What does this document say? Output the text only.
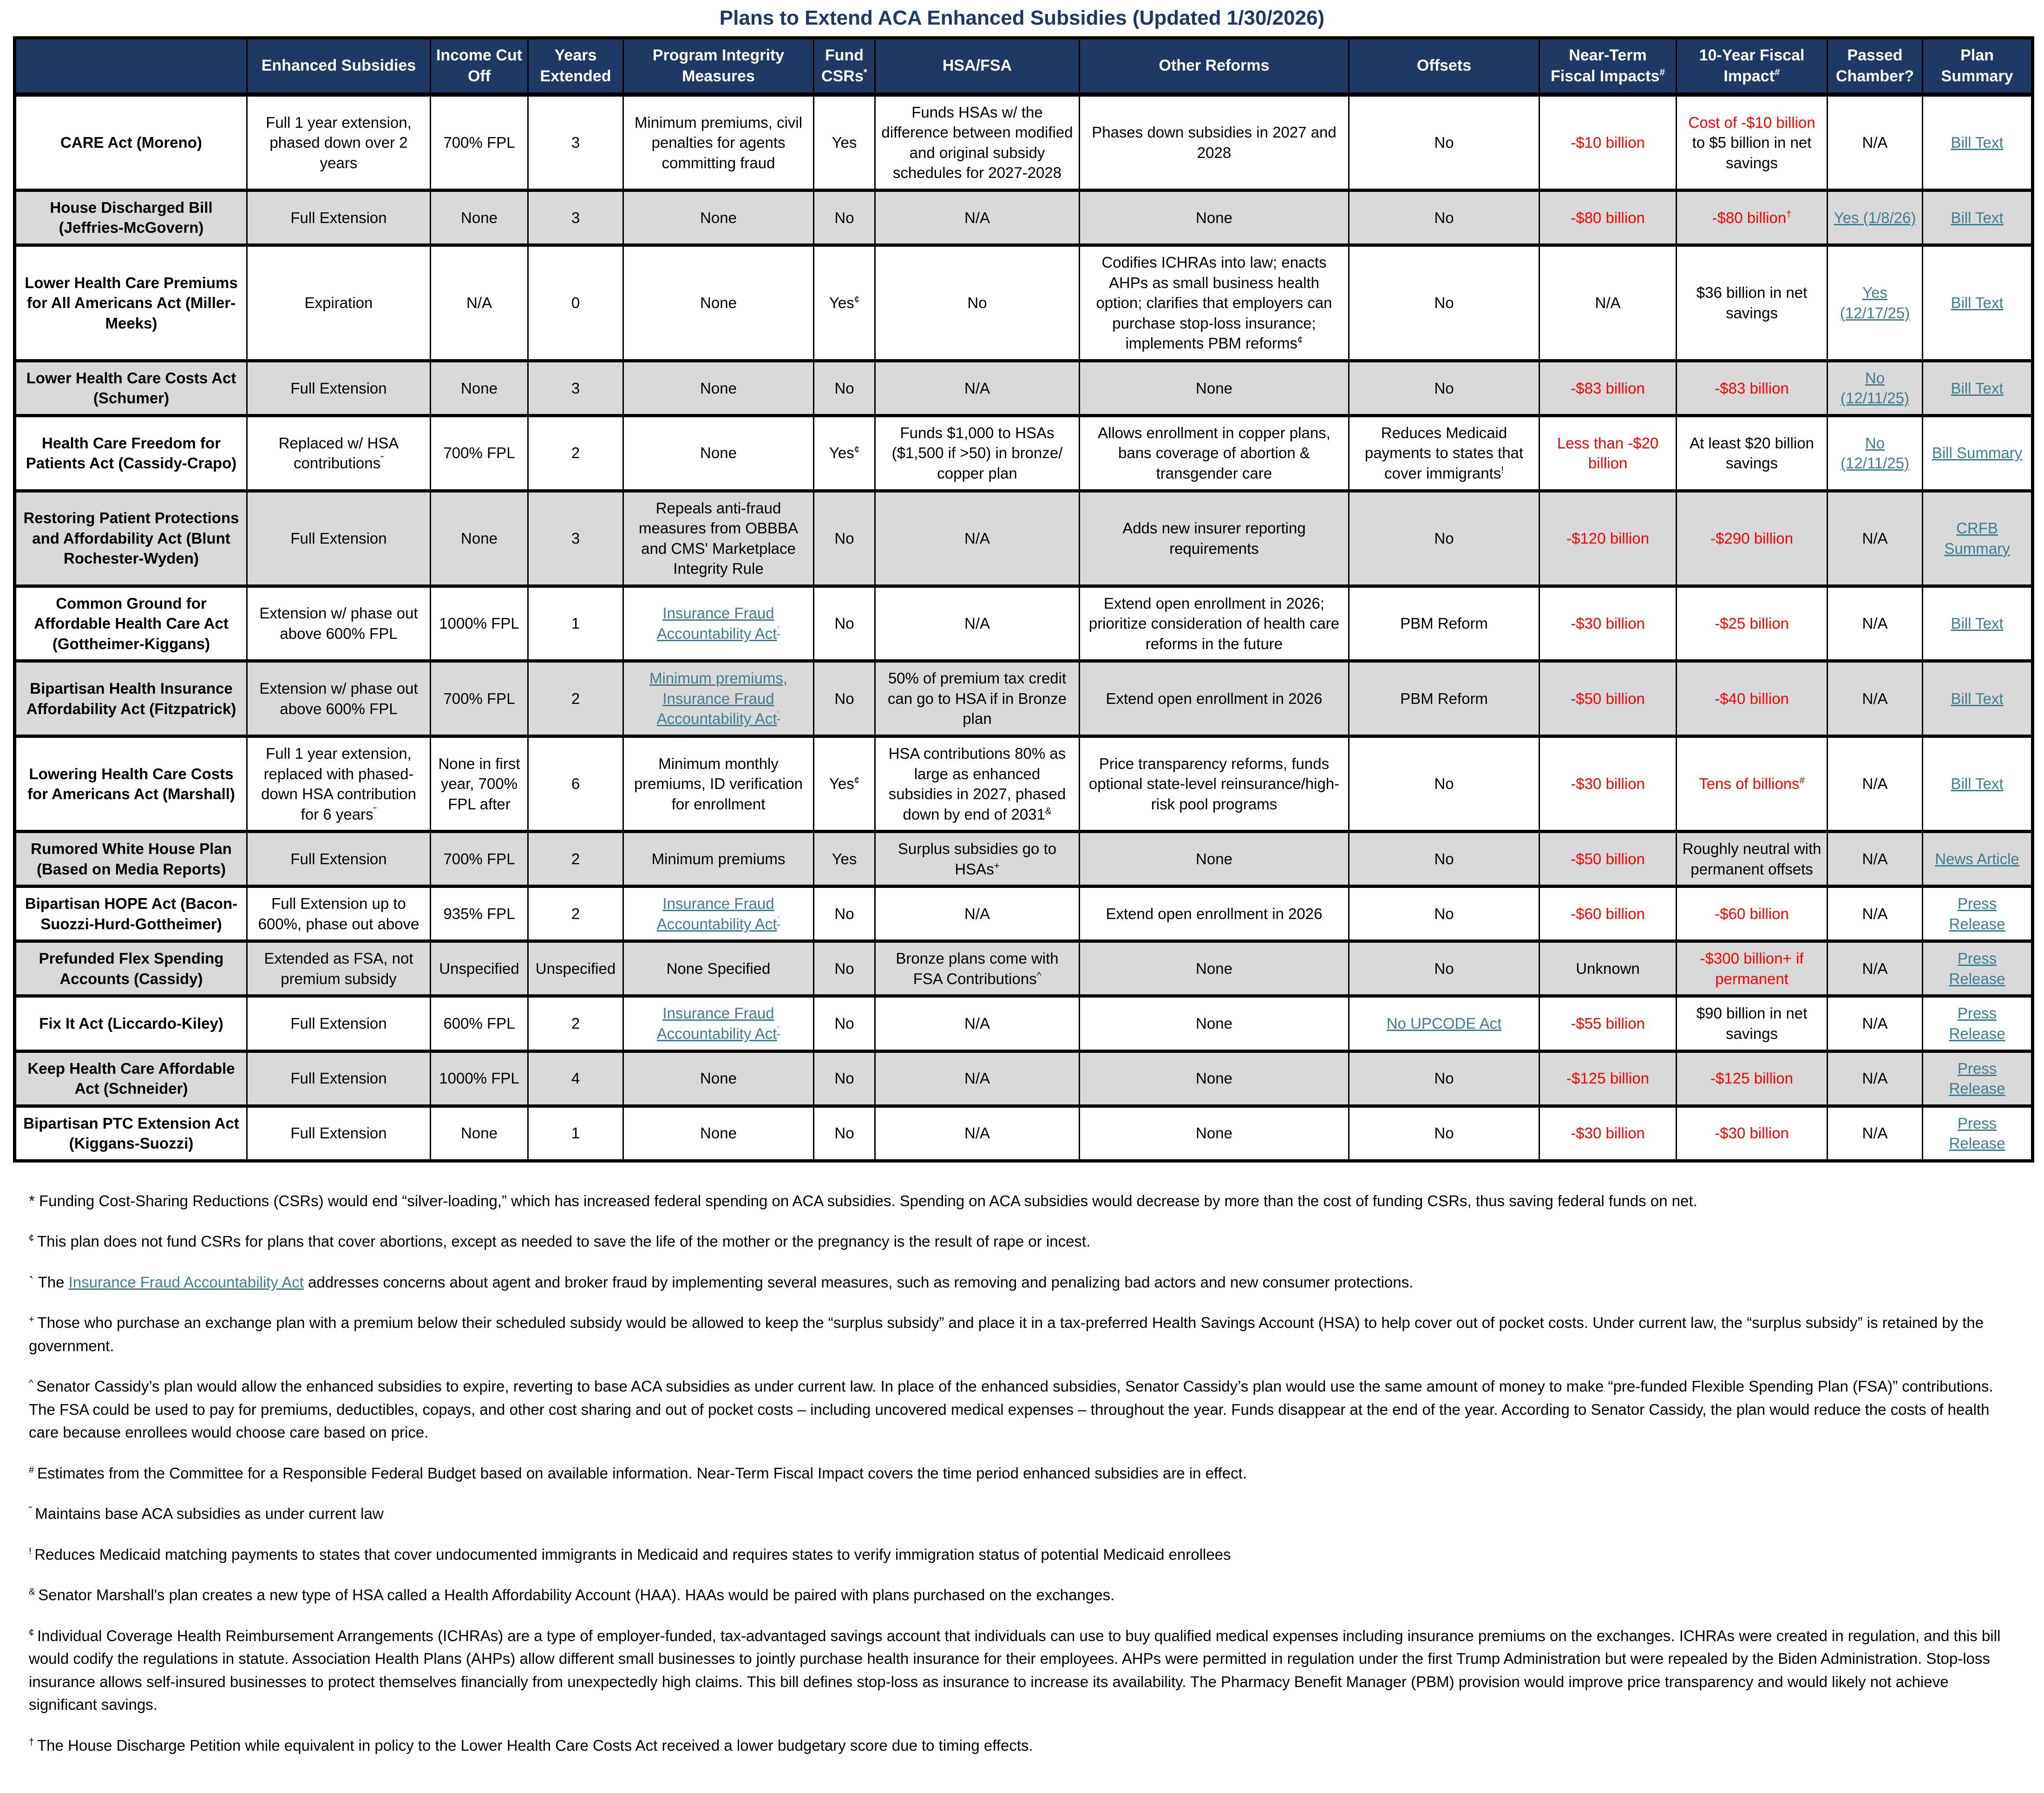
Plans to Extend ACA Enhanced Subsidies (Updated 1/30/2026)
	Enhanced Subsidies	Income Cut Off	Years Extended	Program Integrity Measures	Fund CSRs*	HSA/FSA	Other Reforms	Offsets	Near-Term Fiscal Impacts#	10-Year Fiscal Impact#	Passed Chamber?	Plan Summary
CARE Act (Moreno)	Full 1 year extension, phased down over 2 years	700% FPL	3	Minimum premiums, civil penalties for agents committing fraud	Yes	Funds HSAs w/ the difference between modified and original subsidy schedules for 2027-2028	Phases down subsidies in 2027 and 2028	No	-$10 billion	Cost of -$10 billion to $5 billion in net savings	N/A	Bill Text
House Discharged Bill (Jeffries-McGovern)	Full Extension	None	3	None	No	N/A	None	No	-$80 billion	-$80 billion†	Yes (1/8/26)	Bill Text
Lower Health Care Premiums for All Americans Act (Miller-Meeks)	Expiration	N/A	0	None	Yes¢	No	Codifies ICHRAs into law; enacts AHPs as small business health option; clarifies that employers can purchase stop-loss insurance; implements PBM reforms¢	No	N/A	$36 billion in net savings	Yes (12/17/25)	Bill Text
Lower Health Care Costs Act (Schumer)	Full Extension	None	3	None	No	N/A	None	No	-$83 billion	-$83 billion	No (12/11/25)	Bill Text
Health Care Freedom for Patients Act (Cassidy-Crapo)	Replaced w/ HSA contributions˜	700% FPL	2	None	Yes¢	Funds $1,000 to HSAs ($1,500 if >50) in bronze/ copper plan	Allows enrollment in copper plans, bans coverage of abortion & transgender care	Reduces Medicaid payments to states that cover immigrants!	Less than -$20 billion	At least $20 billion savings	No (12/11/25)	Bill Summary
Restoring Patient Protections and Affordability Act (Blunt Rochester-Wyden)	Full Extension	None	3	Repeals anti-fraud measures from OBBBA and CMS' Marketplace Integrity Rule	No	N/A	Adds new insurer reporting requirements	No	-$120 billion	-$290 billion	N/A	CRFB Summary
Common Ground for Affordable Health Care Act (Gottheimer-Kiggans)	Extension w/ phase out above 600% FPL	1000% FPL	1	Insurance Fraud Accountability Act`	No	N/A	Extend open enrollment in 2026; prioritize consideration of health care reforms in the future	PBM Reform	-$30 billion	-$25 billion	N/A	Bill Text
Bipartisan Health Insurance Affordability Act (Fitzpatrick)	Extension w/ phase out above 600% FPL	700% FPL	2	Minimum premiums, Insurance Fraud Accountability Act`	No	50% of premium tax credit can go to HSA if in Bronze plan	Extend open enrollment in 2026	PBM Reform	-$50 billion	-$40 billion	N/A	Bill Text
Lowering Health Care Costs for Americans Act (Marshall)	Full 1 year extension, replaced with phased-down HSA contribution for 6 years˜	None in first year, 700% FPL after	6	Minimum monthly premiums, ID verification for enrollment	Yes¢	HSA contributions 80% as large as enhanced subsidies in 2027, phased down by end of 2031&	Price transparency reforms, funds optional state-level reinsurance/high-risk pool programs	No	-$30 billion	Tens of billions#	N/A	Bill Text
Rumored White House Plan (Based on Media Reports)	Full Extension	700% FPL	2	Minimum premiums	Yes	Surplus subsidies go to HSAs+	None	No	-$50 billion	Roughly neutral with permanent offsets	N/A	News Article
Bipartisan HOPE Act (Bacon-Suozzi-Hurd-Gottheimer)	Full Extension up to 600%, phase out above	935% FPL	2	Insurance Fraud Accountability Act`	No	N/A	Extend open enrollment in 2026	No	-$60 billion	-$60 billion	N/A	Press Release
Prefunded Flex Spending Accounts (Cassidy)	Extended as FSA, not premium subsidy	Unspecified	Unspecified	None Specified	No	Bronze plans come with FSA Contributions^	None	No	Unknown	-$300 billion+ if permanent	N/A	Press Release
Fix It Act (Liccardo-Kiley)	Full Extension	600% FPL	2	Insurance Fraud Accountability Act`	No	N/A	None	No UPCODE Act	-$55 billion	$90 billion in net savings	N/A	Press Release
Keep Health Care Affordable Act (Schneider)	Full Extension	1000% FPL	4	None	No	N/A	None	No	-$125 billion	-$125 billion	N/A	Press Release
Bipartisan PTC Extension Act (Kiggans-Suozzi)	Full Extension	None	1	None	No	N/A	None	No	-$30 billion	-$30 billion	N/A	Press Release

* Funding Cost-Sharing Reductions (CSRs) would end “silver-loading,” which has increased federal spending on ACA subsidies. Spending on ACA subsidies would decrease by more than the cost of funding CSRs, thus saving federal funds on net.

¢  This plan does not fund CSRs for plans that cover abortions, except as needed to save the life of the mother or the pregnancy is the result of rape or incest.

` The Insurance Fraud Accountability Act addresses concerns about agent and broker fraud by implementing several measures, such as removing and penalizing bad actors and new consumer protections.

+  Those who purchase an exchange plan with a premium below their scheduled subsidy would be allowed to keep the “surplus subsidy” and place it in a tax-preferred Health Savings Account (HSA) to help cover out of pocket costs. Under current law, the “surplus subsidy” is retained by the government.

^  Senator Cassidy’s plan would allow the enhanced subsidies to expire, reverting to base ACA subsidies as under current law. In place of the enhanced subsidies, Senator Cassidy’s plan would use the same amount of money to make “pre-funded Flexible Spending Plan (FSA)” contributions. The FSA could be used to pay for premiums, deductibles, copays, and other cost sharing and out of pocket costs – including uncovered medical expenses – throughout the year. Funds disappear at the end of the year. According to Senator Cassidy, the plan would reduce the costs of health care because enrollees would choose care based on price.

#  Estimates from the Committee for a Responsible Federal Budget based on available information. Near-Term Fiscal Impact covers the time period enhanced subsidies are in effect.

˜  Maintains base ACA subsidies as under current law

!  Reduces Medicaid matching payments to states that cover undocumented immigrants in Medicaid and requires states to verify immigration status of potential Medicaid enrollees

&  Senator Marshall's plan creates a new type of HSA called a Health Affordability Account (HAA). HAAs would be paired with plans purchased on the exchanges.

¢  Individual Coverage Health Reimbursement Arrangements (ICHRAs) are a type of employer-funded, tax-advantaged savings account that individuals can use to buy qualified medical expenses including insurance premiums on the exchanges. ICHRAs were created in regulation, and this bill would codify the regulations in statute. Association Health Plans (AHPs) allow different small businesses to jointly purchase health insurance for their employees. AHPs were permitted in regulation under the first Trump Administration but were repealed by the Biden Administration. Stop-loss insurance allows self-insured businesses to protect themselves financially from unexpectedly high claims. This bill defines stop-loss as insurance to increase its availability. The Pharmacy Benefit Manager (PBM) provision would improve price transparency and would likely not achieve significant savings.

†  The House Discharge Petition while equivalent in policy to the Lower Health Care Costs Act received a lower budgetary score due to timing effects.
